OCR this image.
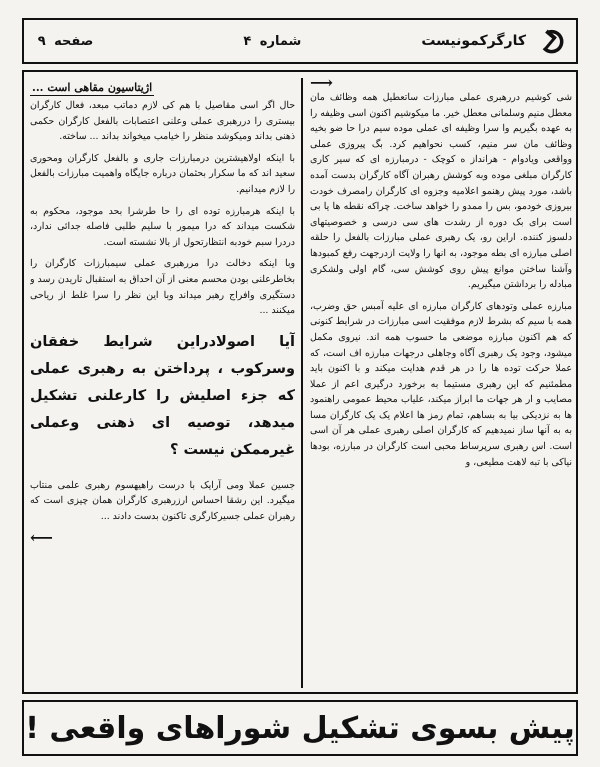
کارگرکمونیست
شماره ۴
صفحه ۹
⟶

شی کوشیم دررهبری عملی مبارزات ساتعطیل همه وظائف مان معطل منیم وسلمانی معطل خیر. ما میکوشیم اکنون اسی وظیفه را به عهده بگیریم وا سرا وظیفه ای عملی موده سیم درا حا ضو بخیه وظائف مان سر منیم، کسب نحواهیم کرد. بگ پیروزی عملی وواقعی ویادوام - هرانداز ه کوچک - درمبارزه ای که سیر کاری کارگران مبلغی موده وبه کوشش رهبران آگاه کارگران بدست آمده باشد، مورد پیش رهنمو اعلامیه وجزوه ای کارگران رامصرف خودت بیروزی خودمو، بس را ممدو را خواهد ساخت. چراکه نقطه ها یا بی است برای بک دوره از رشدت های سی درسی و خصوصیتهای دلسوز کننده. اراین رو، یک رهبری عملی مبارزات بالفعل را حلقه اصلی مبارزه ای بطه موجود، به انها را ولایت ازدرجهت رفع کمبودها وآشنا ساختن موانع پیش روی کوشش سی، گام اولی ولشکری مبادله را برداشتن میگیریم.

مبارزه عملی وتودهای کارگران مبارزه ای علیه آمبس حق وضرب، همه با سیم که بشرط لازم موفقیت اسی مبارزات در شرایط کنونی که هم اکنون مبارزه موضعی ما حسوب همه اند. نیروی مکمل میشود، وجود یک رهبری آگاه وجاهلی درجهات مبارزه اف است، که عملا حرکت توده ها را در هر قدم هدایت میکند و با اکنون باید مطمئنیم که این رهبری مستیما به برخورد درگیری اعم از عملا مصایب و ار هر جهات ما ابراز میکند، علیاب محیط عمومی راهنمود ها به نزدیکی بیا به بساهم، تمام رمز ها اعلام یک یک کارگران مسا به به آنها ساز نمیدهیم که کارگران اصلی رهبری عملی هر آن اسی است. اس رهبری سرپرساط محبی است کارگران در مبارزه، بودها نیاکی با تبه لاهت مطیعی، و

اژیتاسیون مقاهی است ...

حال اگر اسی مقاصیل با هم کی لازم دماتب مبعد، فعال کارگران بیستری را دررهبری عملی وعلنی اعتصابات بالفعل کارگران حکمی ذهنی بداند ومیکوشد منظر را خیامب میخواند بداند ... ساخته.

با اینکه اولاهیشترین درمبارزات جاری و بالفعل کارگران ومحوری سعید اند که ما سکرار بحثمان درباره جایگاه واهمیت مبارزات بالفعل را لازم میدانیم.

با اینکه هرمبارزه توده ای را حا طرشرا بحد موجود، محکوم به شکست میداند که درا میمور با سلیم طلبی فاصله جدائی ندارد، دردرا سبم خودبه انتظارتحول از بالا نشسته است.

وبا اینکه دخالت درا مررهبری عملی سیمبارزات کارگران را بخاطرعلنی بودن محسم معنی از آن احداق به استقبال تاریدن رسد و دستگیری وافراج رهبر میداند وبا این نظر را سرا غلط از ریاحی میکنند ...

آیا اصولادراین شرایط خفقان وسرکوب ، پرداختن به رهبری عملی که جزء اصلیش را کارعلنی تشکیل میدهد، توصیه ای ذهنی وعملی غیرممکن نیست ؟

جسین عملا ومی آرایک با درست راهیهسوم رهبری علمی منتاب میگیرد. این رشقا احساس ارزرهبری کارگران همان چیزی است که رهبران عملی جسیرکارگری تاکنون بدست دادند ...

⟵
پیش بسوی تشکیل شوراهای واقعی !
